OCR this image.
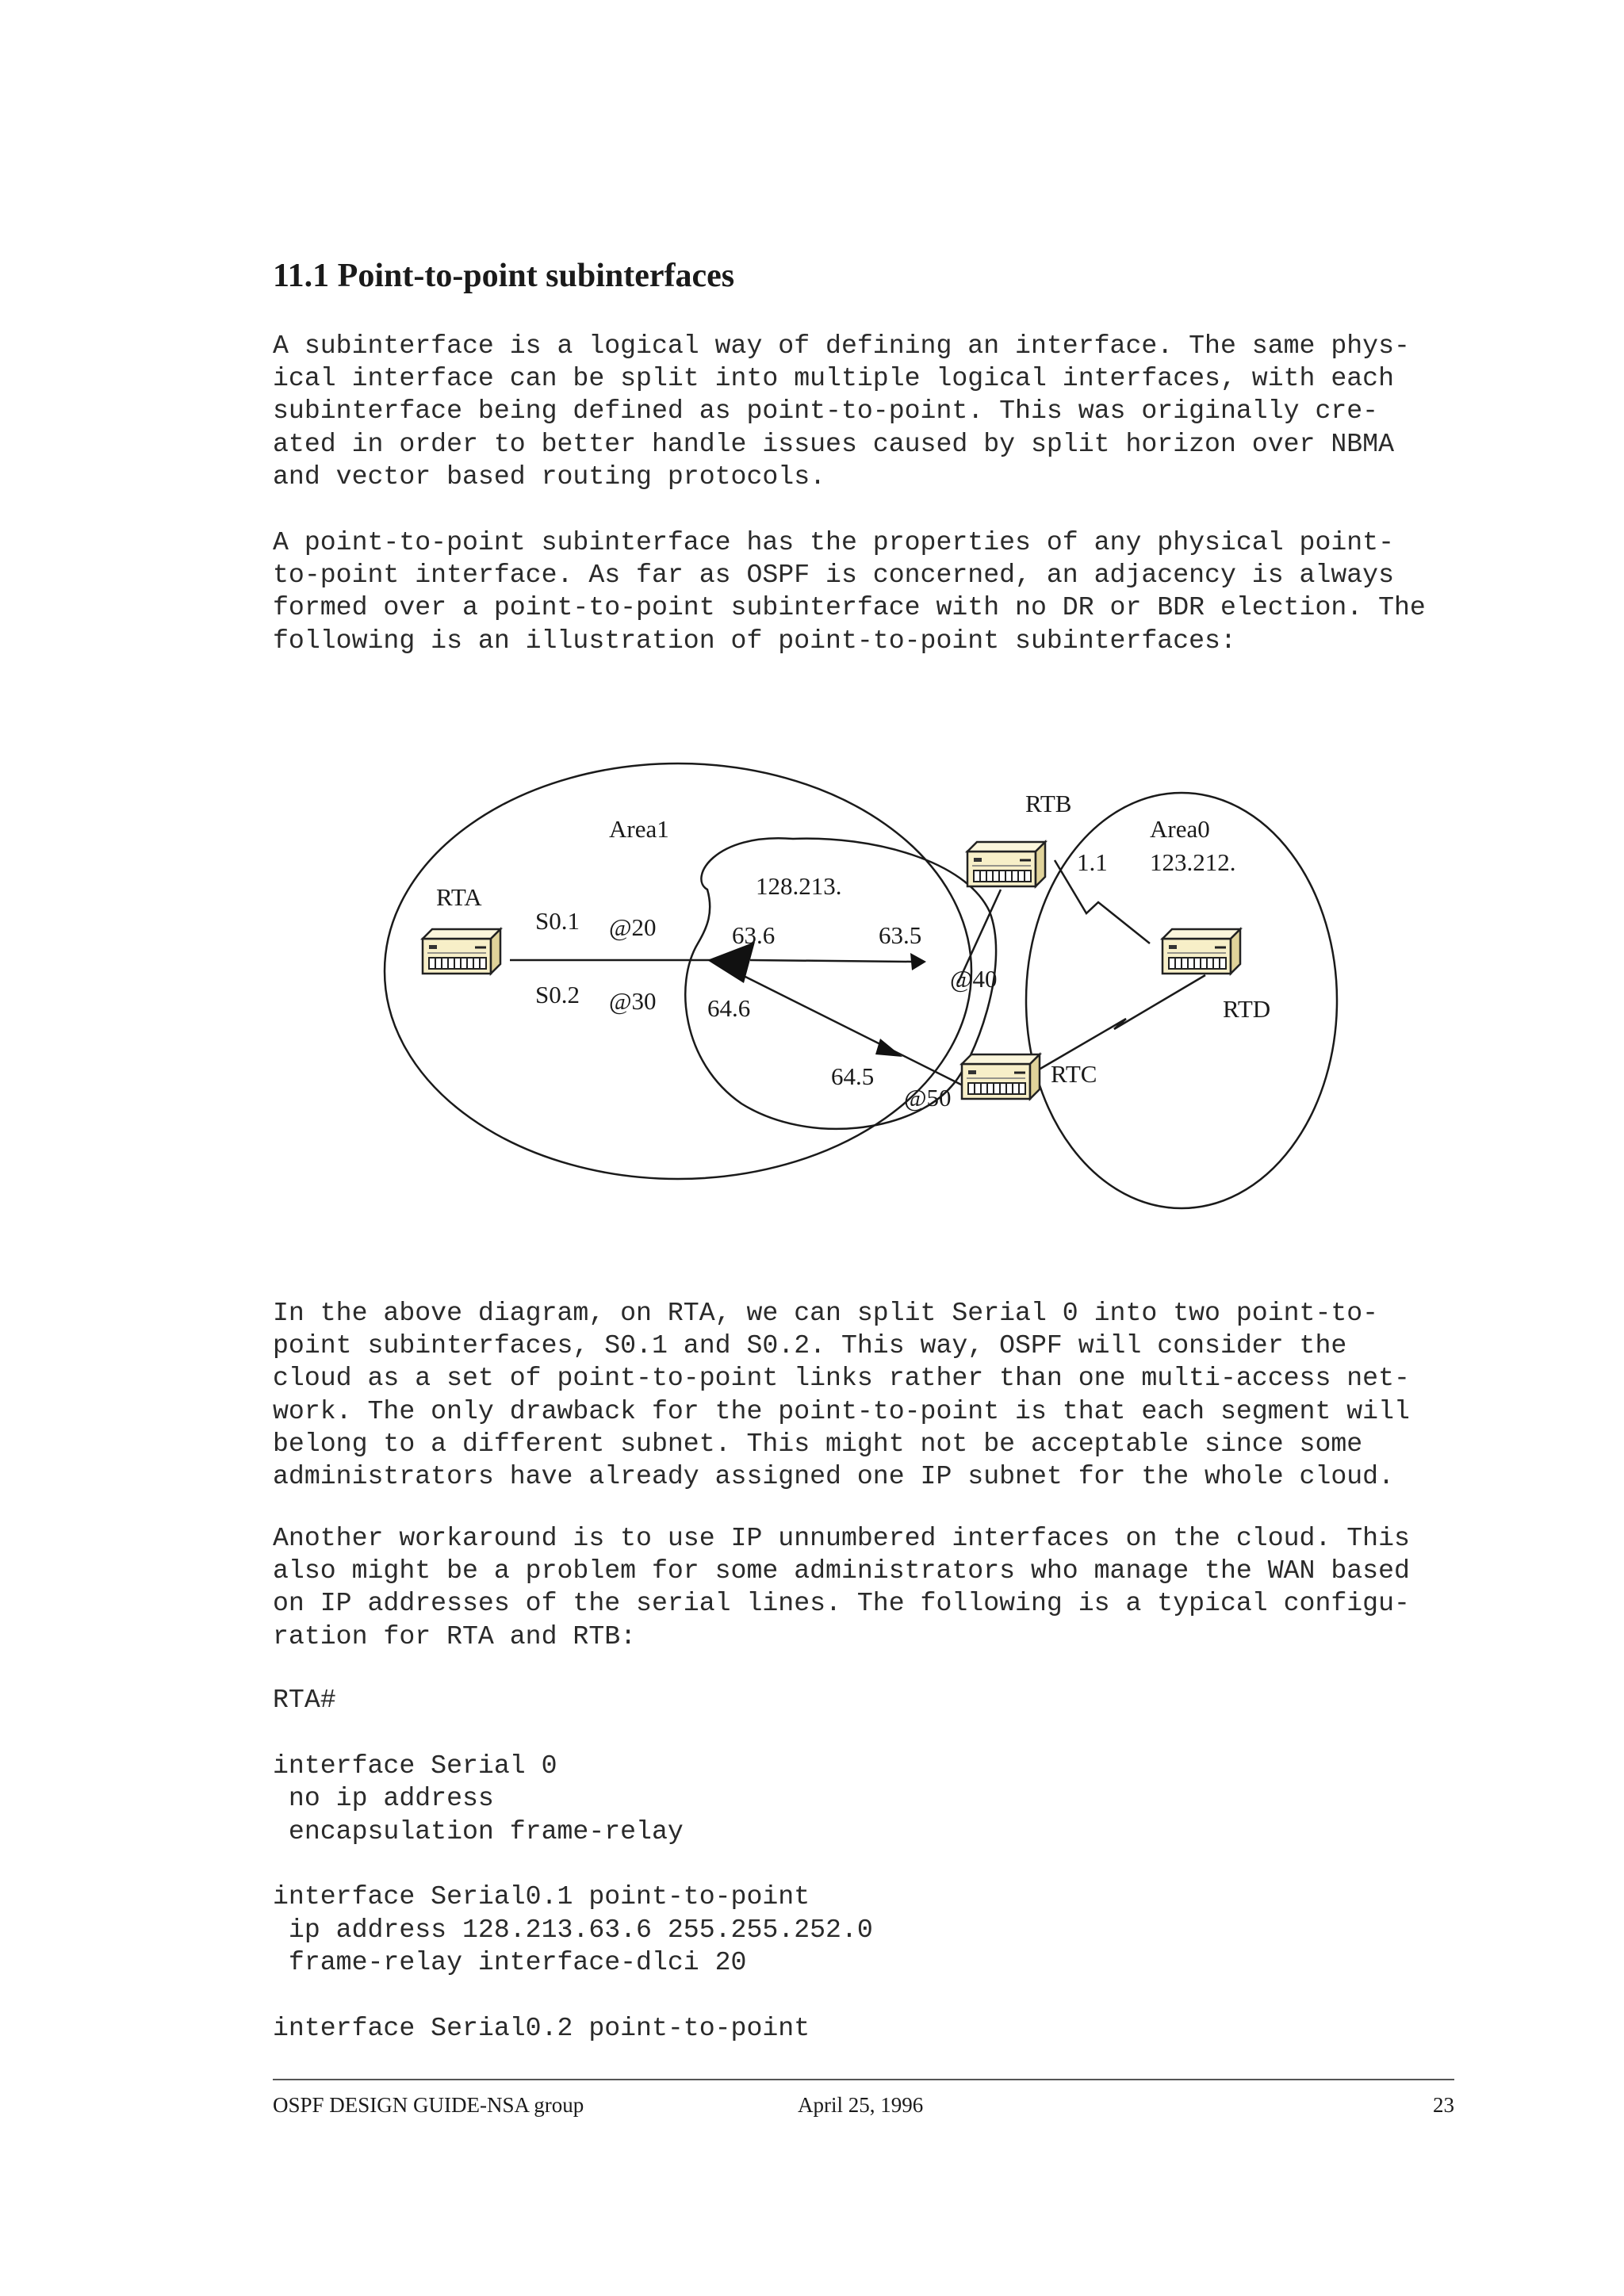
11.1 Point-to-point subinterfaces

A subinterface is a logical way of defining an interface. The same phys-
ical interface can be split into multiple logical interfaces, with each
subinterface being defined as point-to-point. This was originally cre-
ated in order to better handle issues caused by split horizon over NBMA
and vector based routing protocols.

A point-to-point subinterface has the properties of any physical point-
to-point interface. As far as OSPF is concerned, an adjacency is always
formed over a point-to-point subinterface with no DR or BDR election. The
following is an illustration of point-to-point subinterfaces:

Area1	Area0
123.212.
128.213.
RTA
RTB
RTC
RTD
S0.1
S0.2
@20
@30
@40
@50
63.6	63.5
64.6
64.5
1.1

In the above diagram, on RTA, we can split Serial 0 into two point-to-
point subinterfaces, S0.1 and S0.2. This way, OSPF will consider the
cloud as a set of point-to-point links rather than one multi-access net-
work. The only drawback for the point-to-point is that each segment will
belong to a different subnet. This might not be acceptable since some
administrators have already assigned one IP subnet for the whole cloud.

Another workaround is to use IP unnumbered interfaces on the cloud. This
also might be a problem for some administrators who manage the WAN based
on IP addresses of the serial lines. The following is a typical configu-
ration for RTA and RTB:

RTA#

interface Serial 0
no ip address
encapsulation frame-relay

interface Serial0.1 point-to-point
ip address 128.213.63.6 255.255.252.0
frame-relay interface-dlci 20

interface Serial0.2 point-to-point
OSPF DESIGN GUIDE-NSA group	April 25, 1996	23
